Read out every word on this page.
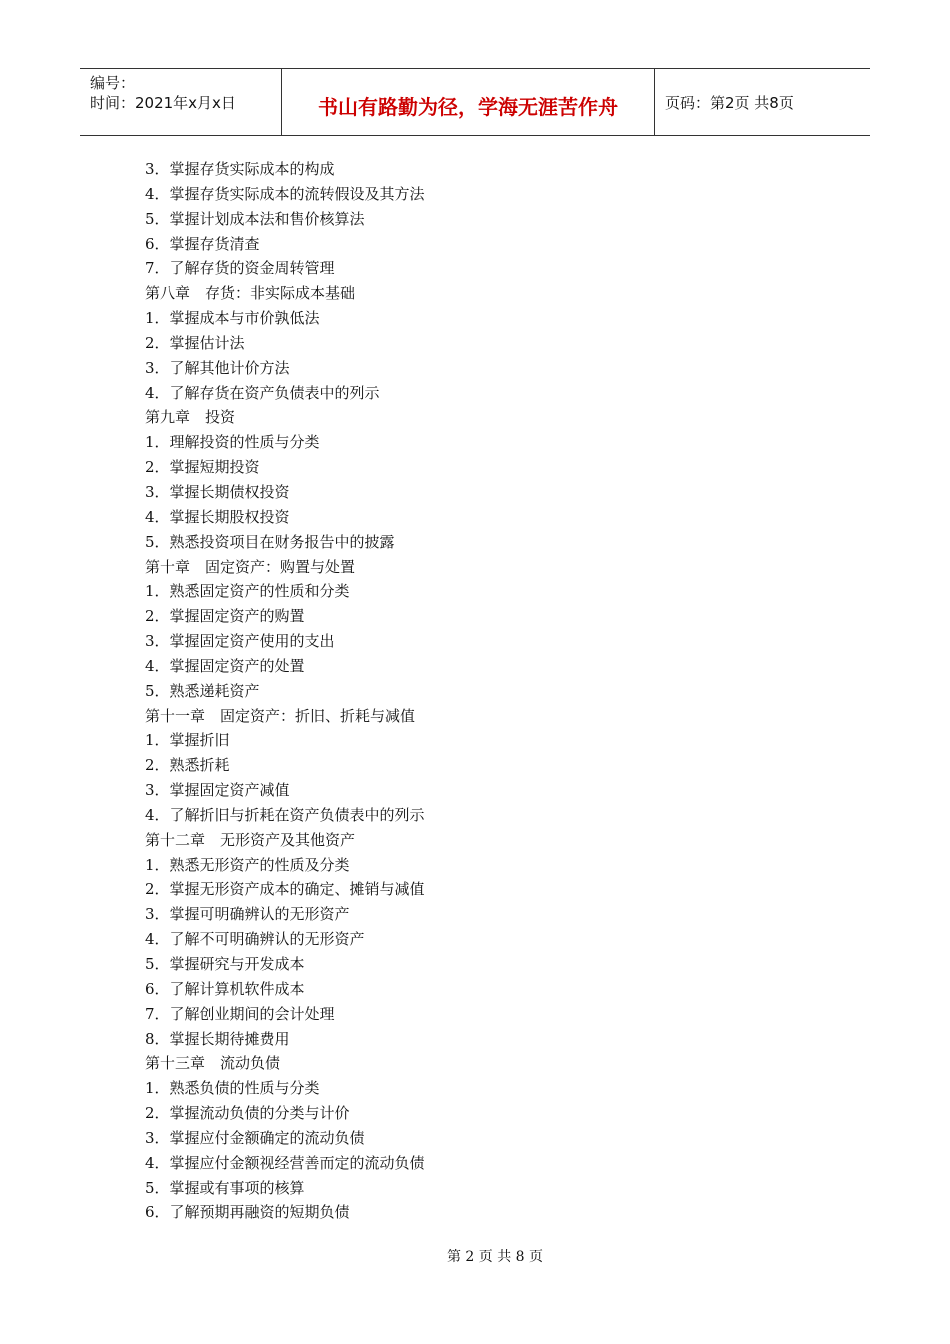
编号：
时间：2021年x月x日	书山有路勤为径，学海无涯苦作舟	页码：第2页 共8页
3．掌握存货实际成本的构成
4．掌握存货实际成本的流转假设及其方法
5．掌握计划成本法和售价核算法
6．掌握存货清查
7．了解存货的资金周转管理
第八章　存货：非实际成本基础
1．掌握成本与市价孰低法
2．掌握估计法
3．了解其他计价方法
4．了解存货在资产负债表中的列示
第九章　投资
1．理解投资的性质与分类
2．掌握短期投资
3．掌握长期债权投资
4．掌握长期股权投资
5．熟悉投资项目在财务报告中的披露
第十章　固定资产：购置与处置
1．熟悉固定资产的性质和分类
2．掌握固定资产的购置
3．掌握固定资产使用的支出
4．掌握固定资产的处置
5．熟悉递耗资产
第十一章　固定资产：折旧、折耗与减值
1．掌握折旧
2．熟悉折耗
3．掌握固定资产减值
4．了解折旧与折耗在资产负债表中的列示
第十二章　无形资产及其他资产
1．熟悉无形资产的性质及分类
2．掌握无形资产成本的确定、摊销与减值
3．掌握可明确辨认的无形资产
4．了解不可明确辨认的无形资产
5．掌握研究与开发成本
6．了解计算机软件成本
7．了解创业期间的会计处理
8．掌握长期待摊费用
第十三章　流动负债
1．熟悉负债的性质与分类
2．掌握流动负债的分类与计价
3．掌握应付金额确定的流动负债
4．掌握应付金额视经营善而定的流动负债
5．掌握或有事项的核算
6．了解预期再融资的短期负债
第 2 页 共 8 页
